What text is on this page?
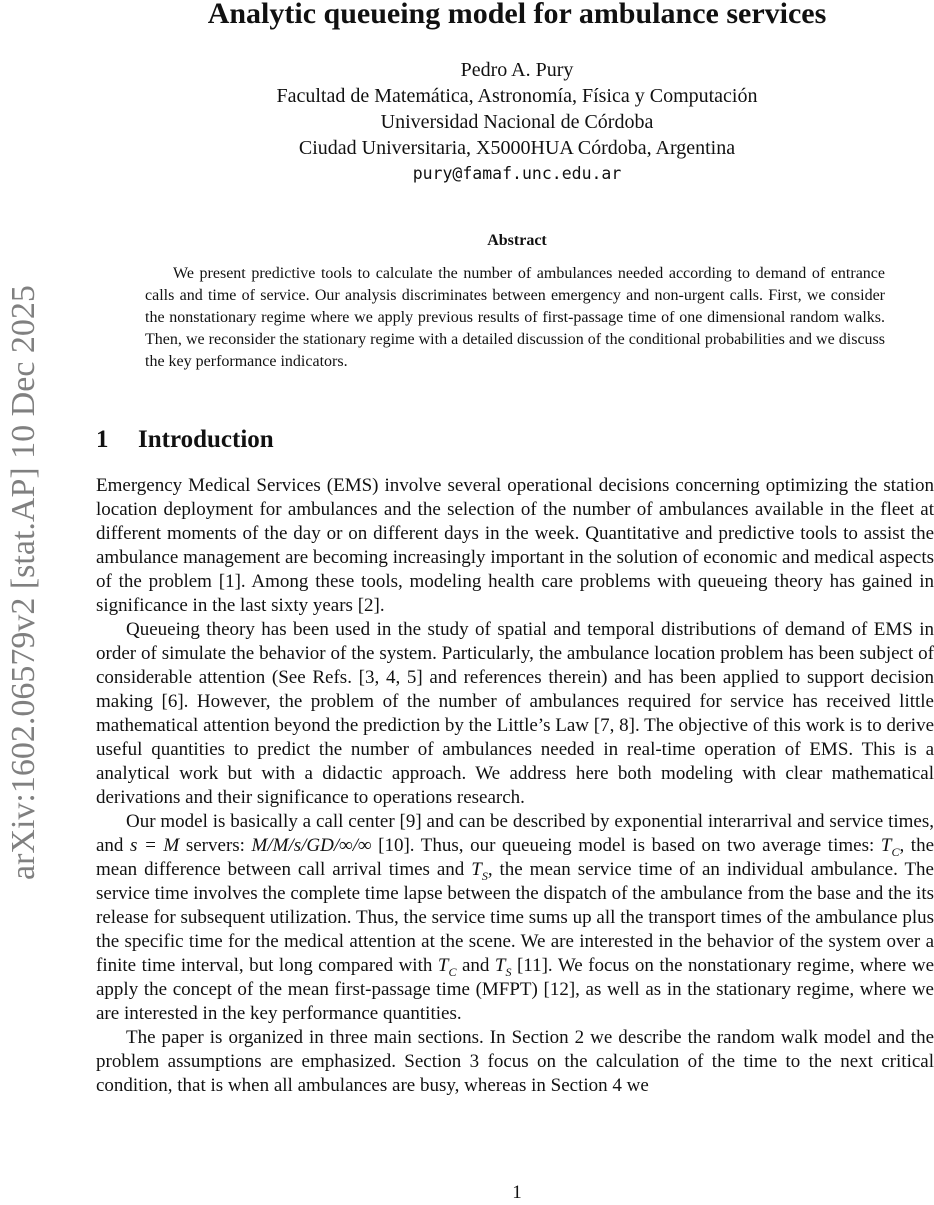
arXiv:1602.06579v2 [stat.AP] 10 Dec 2025
Analytic queueing model for ambulance services
Pedro A. Pury
Facultad de Matemática, Astronomía, Física y Computación
Universidad Nacional de Córdoba
Ciudad Universitaria, X5000HUA Córdoba, Argentina
pury@famaf.unc.edu.ar
Abstract

We present predictive tools to calculate the number of ambulances needed according to demand of entrance calls and time of service. Our analysis discriminates between emergency and non-urgent calls. First, we consider the nonstationary regime where we apply previous results of first-passage time of one dimensional random walks. Then, we reconsider the stationary regime with a detailed discussion of the conditional probabilities and we discuss the key performance indicators.

1 Introduction

Emergency Medical Services (EMS) involve several operational decisions concerning optimizing the station location deployment for ambulances and the selection of the number of ambulances available in the fleet at different moments of the day or on different days in the week. Quantitative and predictive tools to assist the ambulance management are becoming increasingly important in the solution of economic and medical aspects of the problem [1]. Among these tools, modeling health care problems with queueing theory has gained in significance in the last sixty years [2].

Queueing theory has been used in the study of spatial and temporal distributions of demand of EMS in order of simulate the behavior of the system. Particularly, the ambulance location problem has been subject of considerable attention (See Refs. [3, 4, 5] and references therein) and has been applied to support decision making [6]. However, the problem of the number of ambulances required for service has received little mathematical attention beyond the prediction by the Little’s Law [7, 8]. The objective of this work is to derive useful quantities to predict the number of ambulances needed in real-time operation of EMS. This is a analytical work but with a didactic approach. We address here both modeling with clear mathematical derivations and their significance to operations research.

Our model is basically a call center [9] and can be described by exponential interarrival and service times, and s = M servers: M/M/s/GD/∞/∞ [10]. Thus, our queueing model is based on two average times: $T_C$, the mean difference between call arrival times and $T_S$, the mean service time of an individual ambulance. The service time involves the complete time lapse between the dispatch of the ambulance from the base and the its release for subsequent utilization. Thus, the service time sums up all the transport times of the ambulance plus the specific time for the medical attention at the scene. We are interested in the behavior of the system over a finite time interval, but long compared with $T_C$ and $T_S$ [11]. We focus on the nonstationary regime, where we apply the concept of the mean first-passage time (MFPT) [12], as well as in the stationary regime, where we are interested in the key performance quantities.

The paper is organized in three main sections. In Section 2 we describe the random walk model and the problem assumptions are emphasized. Section 3 focus on the calculation of the time to the next critical condition, that is when all ambulances are busy, whereas in Section 4 we

1
